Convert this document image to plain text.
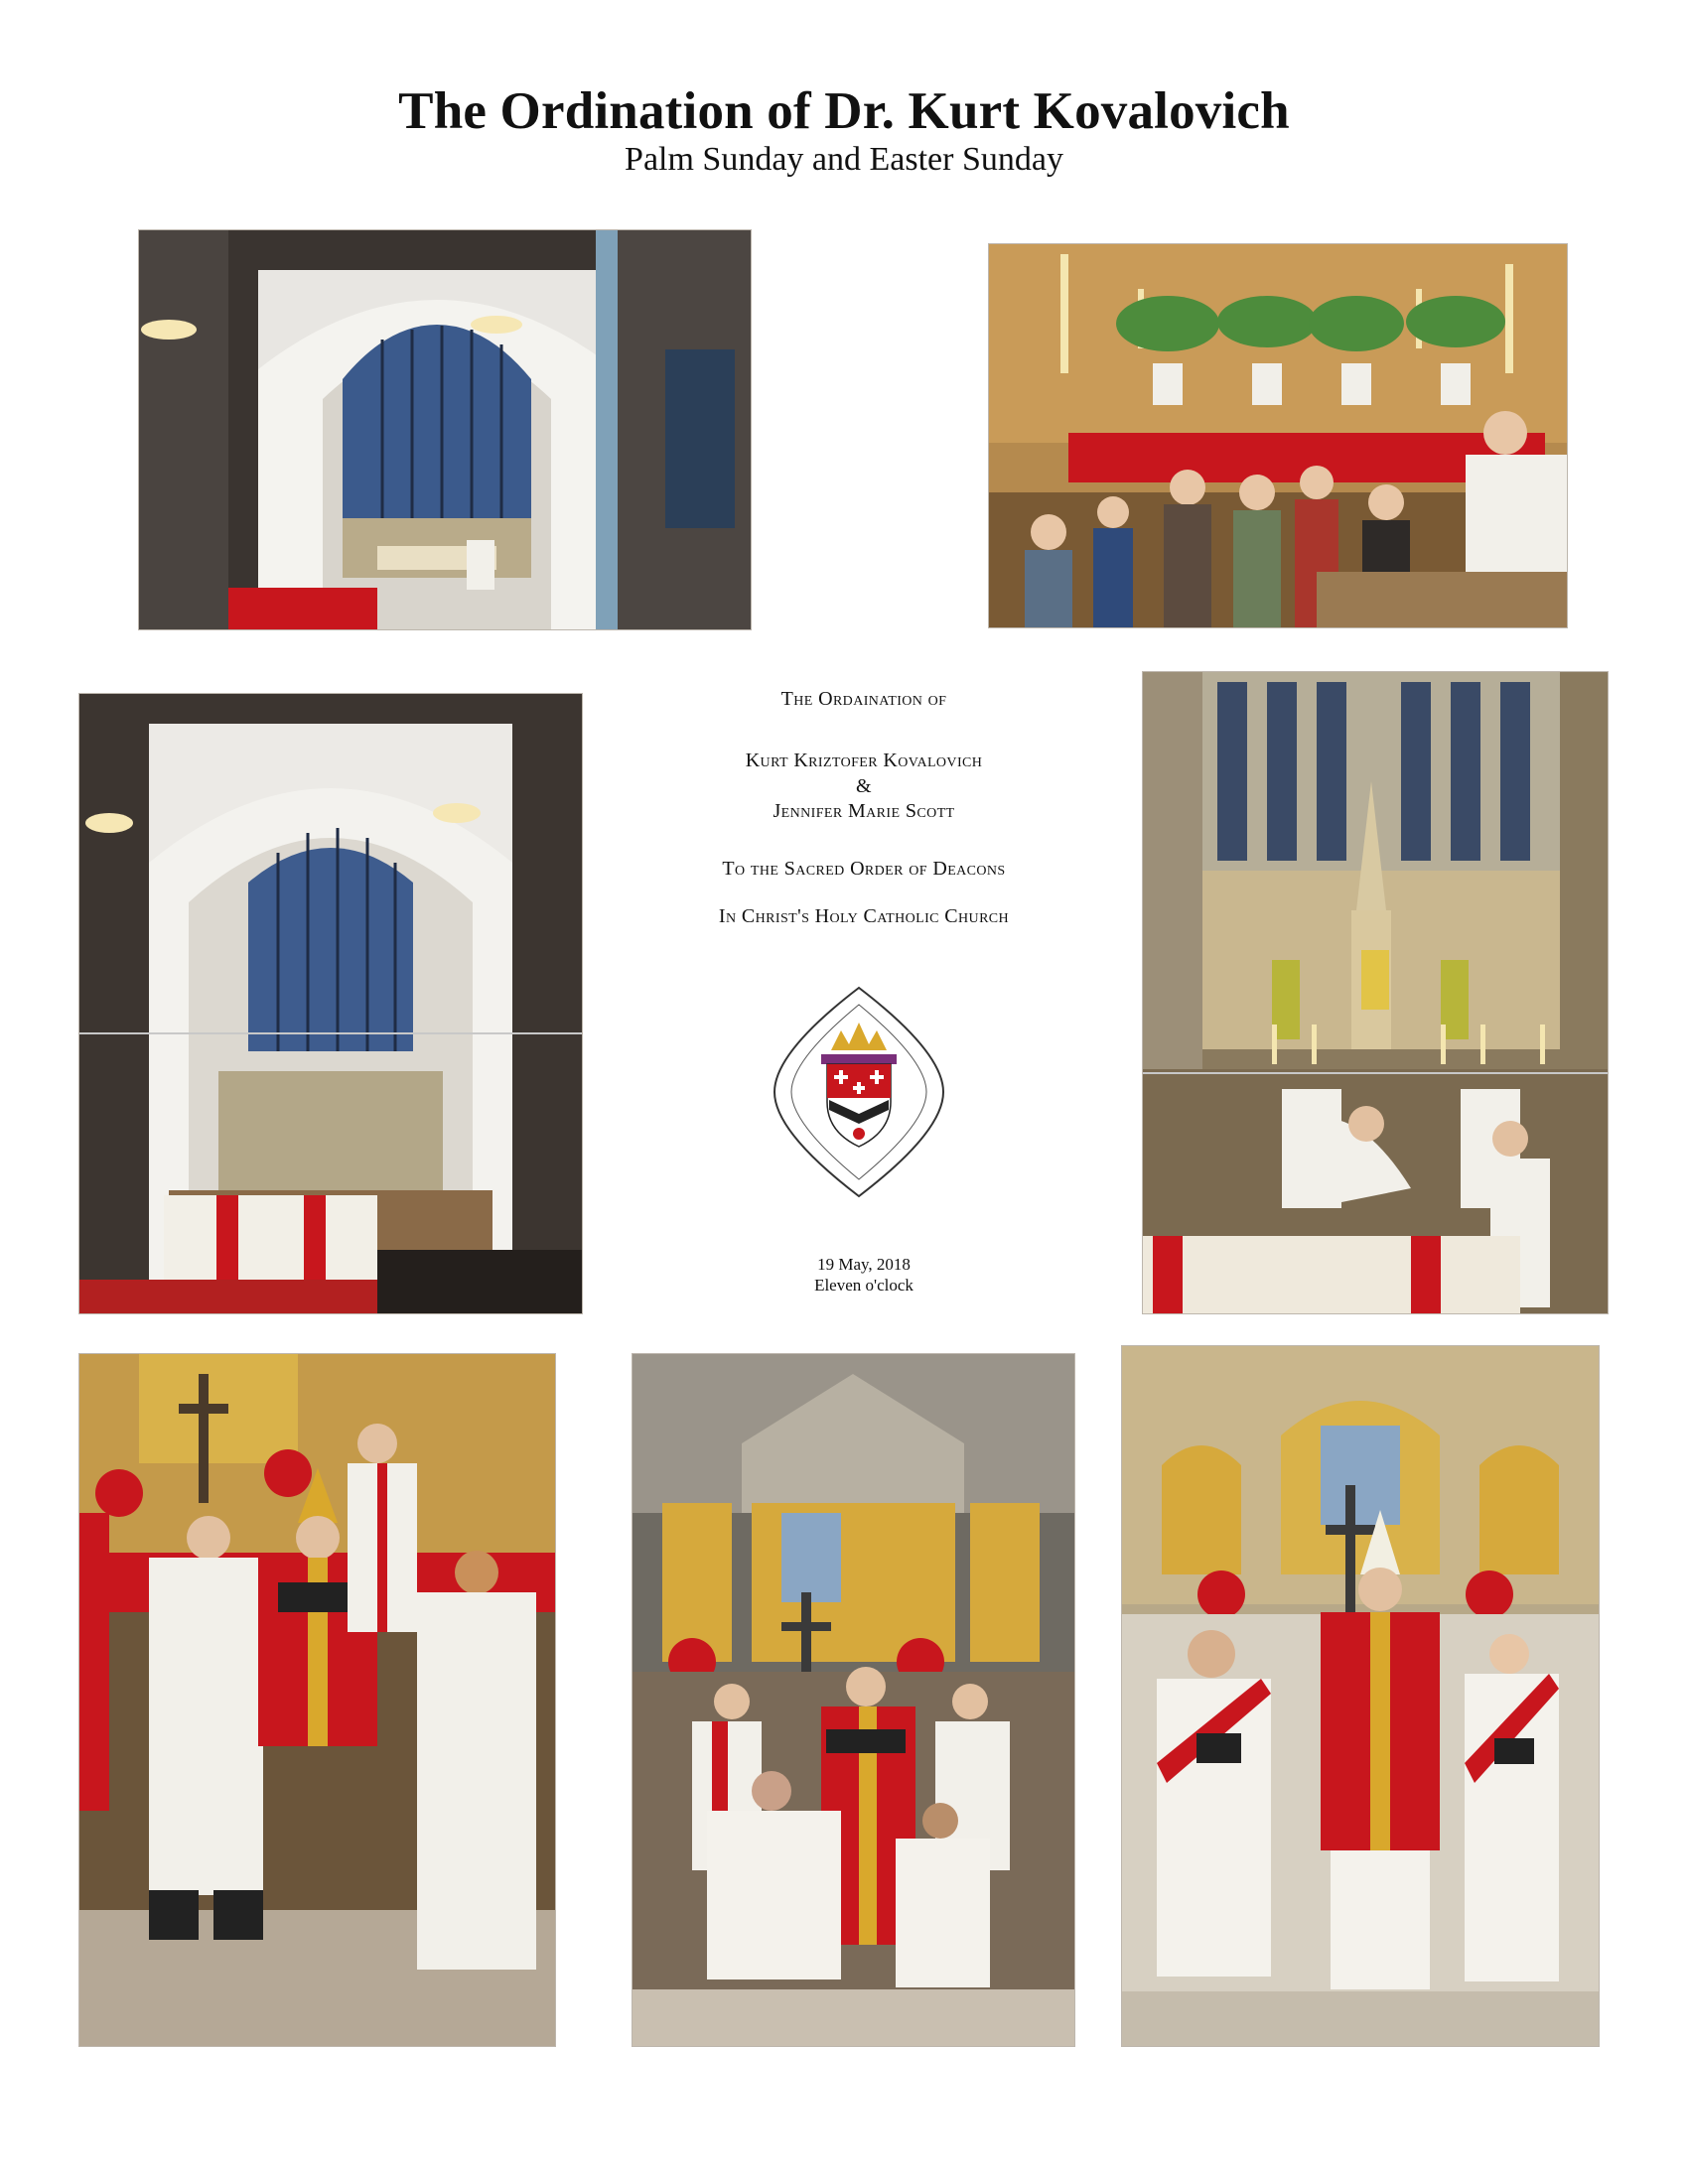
The Ordination of Dr. Kurt Kovalovich
Palm Sunday and Easter Sunday
The Ordaination of
Kurt Kriztofer Kovalovich
&
Jennifer Marie Scott
To the Sacred Order of Deacons
In Christ's Holy Catholic Church
19 May, 2018
Eleven o'clock
